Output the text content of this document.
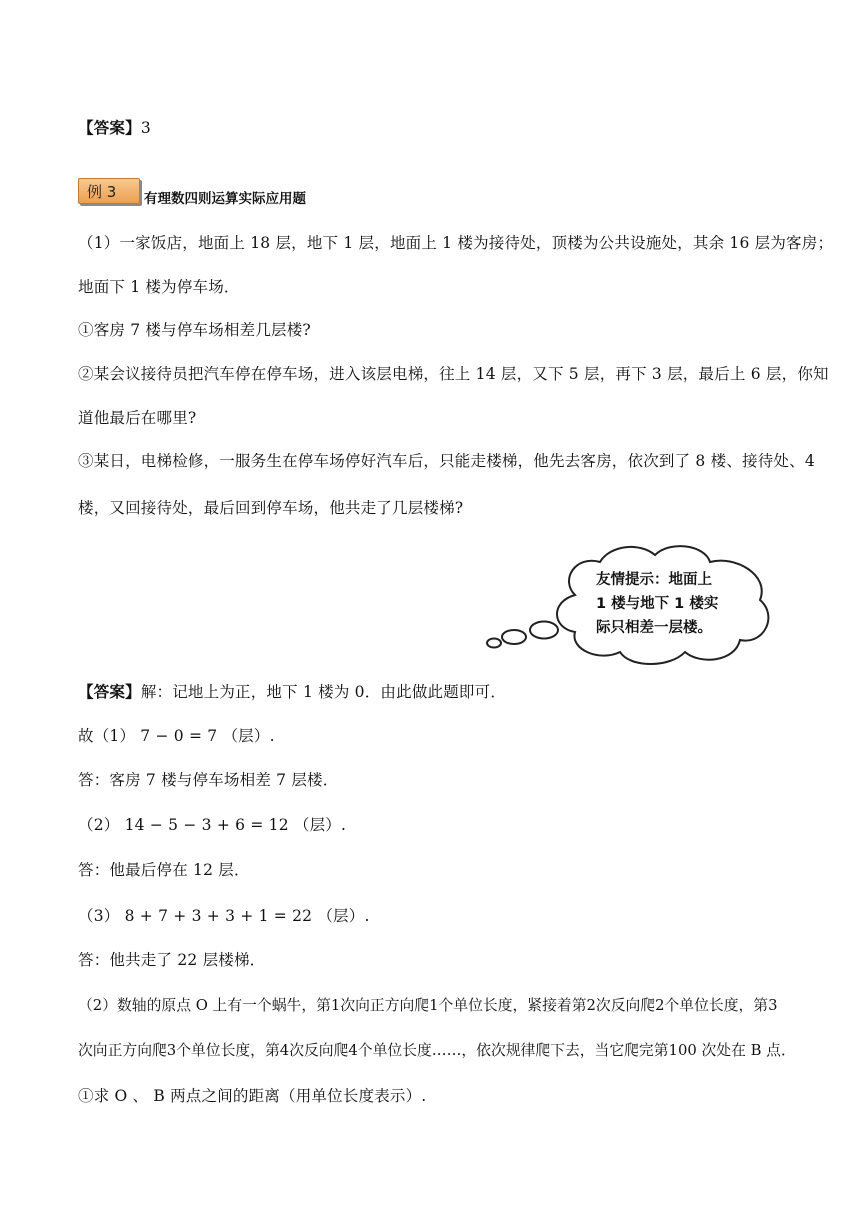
【答案】3
例 3 有理数四则运算实际应用题
（1）一家饭店，地面上 18 层，地下 1 层，地面上 1 楼为接待处，顶楼为公共设施处，其余 16 层为客房；
地面下 1 楼为停车场．
①客房 7 楼与停车场相差几层楼?
②某会议接待员把汽车停在停车场，进入该层电梯，往上 14 层，又下 5 层，再下 3 层，最后上 6 层，你知
道他最后在哪里?
③某日，电梯检修，一服务生在停车场停好汽车后，只能走楼梯，他先去客房，依次到了 8 楼、接待处、4
楼，又回接待处，最后回到停车场，他共走了几层楼梯?
友情提示：地面上
1 楼与地下 1 楼实
际只相差一层楼。
【答案】解：记地上为正，地下 1 楼为 0．由此做此题即可．
故（1） 7 − 0 = 7 （层）.
答：客房 7 楼与停车场相差 7 层楼．
（2） 14 − 5 − 3 + 6 = 12 （层）.
答：他最后停在 12 层．
（3） 8 + 7 + 3 + 3 + 1 = 22 （层）.
答：他共走了 22 层楼梯．
（2）数轴的原点 O 上有一个蜗牛，第1次向正方向爬1个单位长度，紧接着第2次反向爬2个单位长度，第3
次向正方向爬3个单位长度，第4次反向爬4个单位长度……，依次规律爬下去，当它爬完第100 次处在 B 点．
①求 O 、 B 两点之间的距离（用单位长度表示）.
